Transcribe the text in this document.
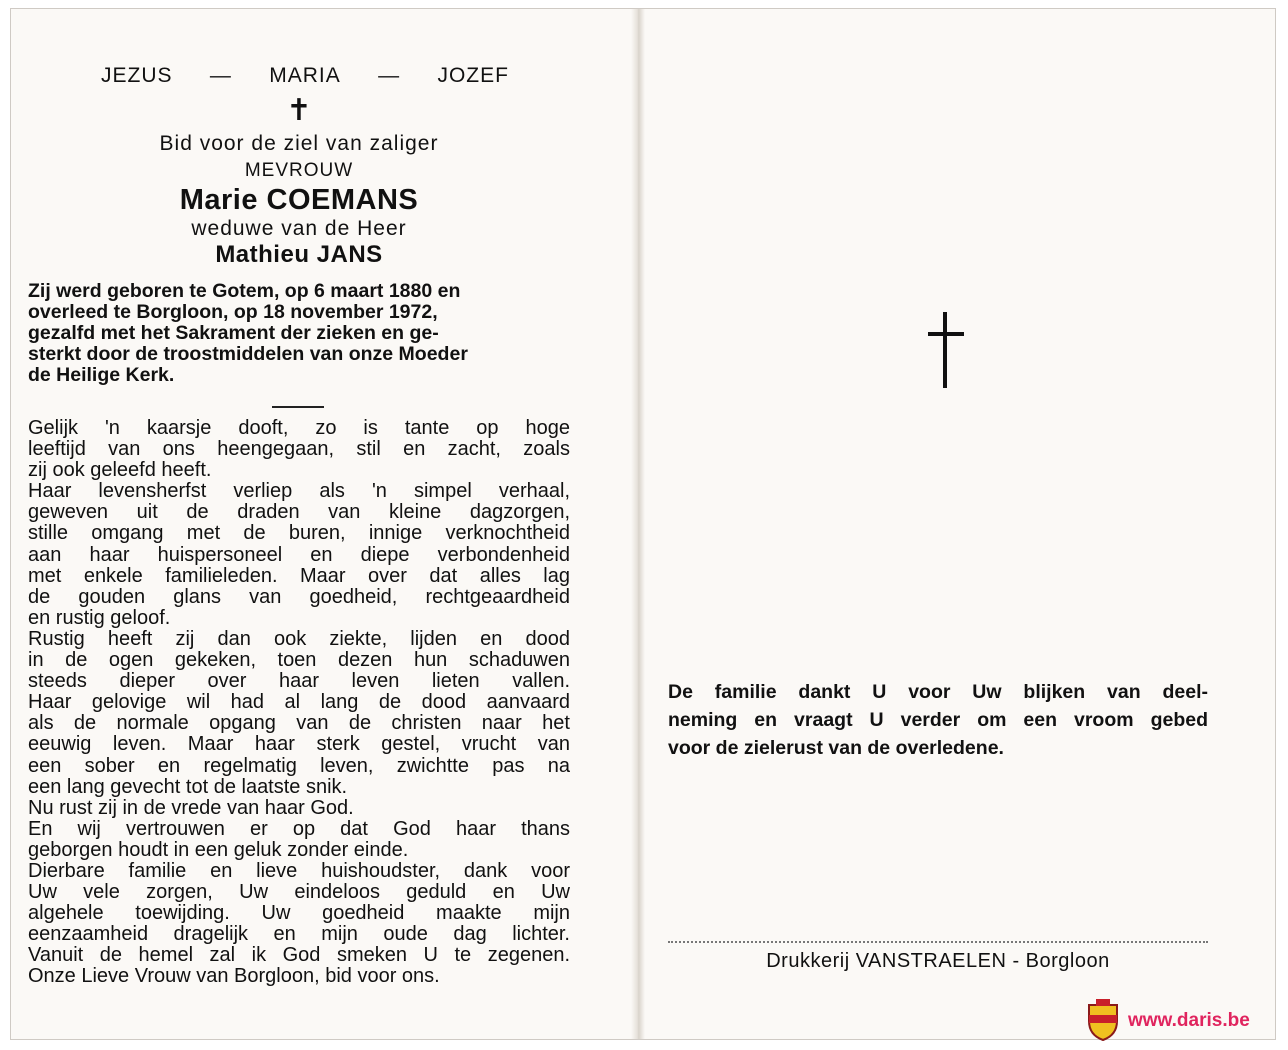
JEZUS — MARIA — JOZEF
✝
Bid voor de ziel van zaliger
MEVROUW
Marie COEMANS
weduwe van de Heer
Mathieu JANS
Zij werd geboren te Gotem, op 6 maart 1880 en
overleed te Borgloon, op 18 november 1972,
gezalfd met het Sakrament der zieken en ge-
sterkt door de troostmiddelen van onze Moeder
de Heilige Kerk.
Gelijk 'n kaarsje dooft, zo is tante op hoge
leeftijd van ons heengegaan, stil en zacht, zoals
zij ook geleefd heeft.
Haar levensherfst verliep als 'n simpel verhaal,
geweven uit de draden van kleine dagzorgen,
stille omgang met de buren, innige verknochtheid
aan haar huispersoneel en diepe verbondenheid
met enkele familieleden. Maar over dat alles lag
de gouden glans van goedheid, rechtgeaardheid
en rustig geloof.
Rustig heeft zij dan ook ziekte, lijden en dood
in de ogen gekeken, toen dezen hun schaduwen
steeds dieper over haar leven lieten vallen.
Haar gelovige wil had al lang de dood aanvaard
als de normale opgang van de christen naar het
eeuwig leven. Maar haar sterk gestel, vrucht van
een sober en regelmatig leven, zwichtte pas na
een lang gevecht tot de laatste snik.
Nu rust zij in de vrede van haar God.
En wij vertrouwen er op dat God haar thans
geborgen houdt in een geluk zonder einde.
Dierbare familie en lieve huishoudster, dank voor
Uw vele zorgen, Uw eindeloos geduld en Uw
algehele toewijding. Uw goedheid maakte mijn
eenzaamheid dragelijk en mijn oude dag lichter.
Vanuit de hemel zal ik God smeken U te zegenen.
Onze Lieve Vrouw van Borgloon, bid voor ons.
De familie dankt U voor Uw blijken van deel-
neming en vraagt U verder om een vroom gebed
voor de zielerust van de overledene.
Drukkerij VANSTRAELEN - Borgloon
www.daris.be
